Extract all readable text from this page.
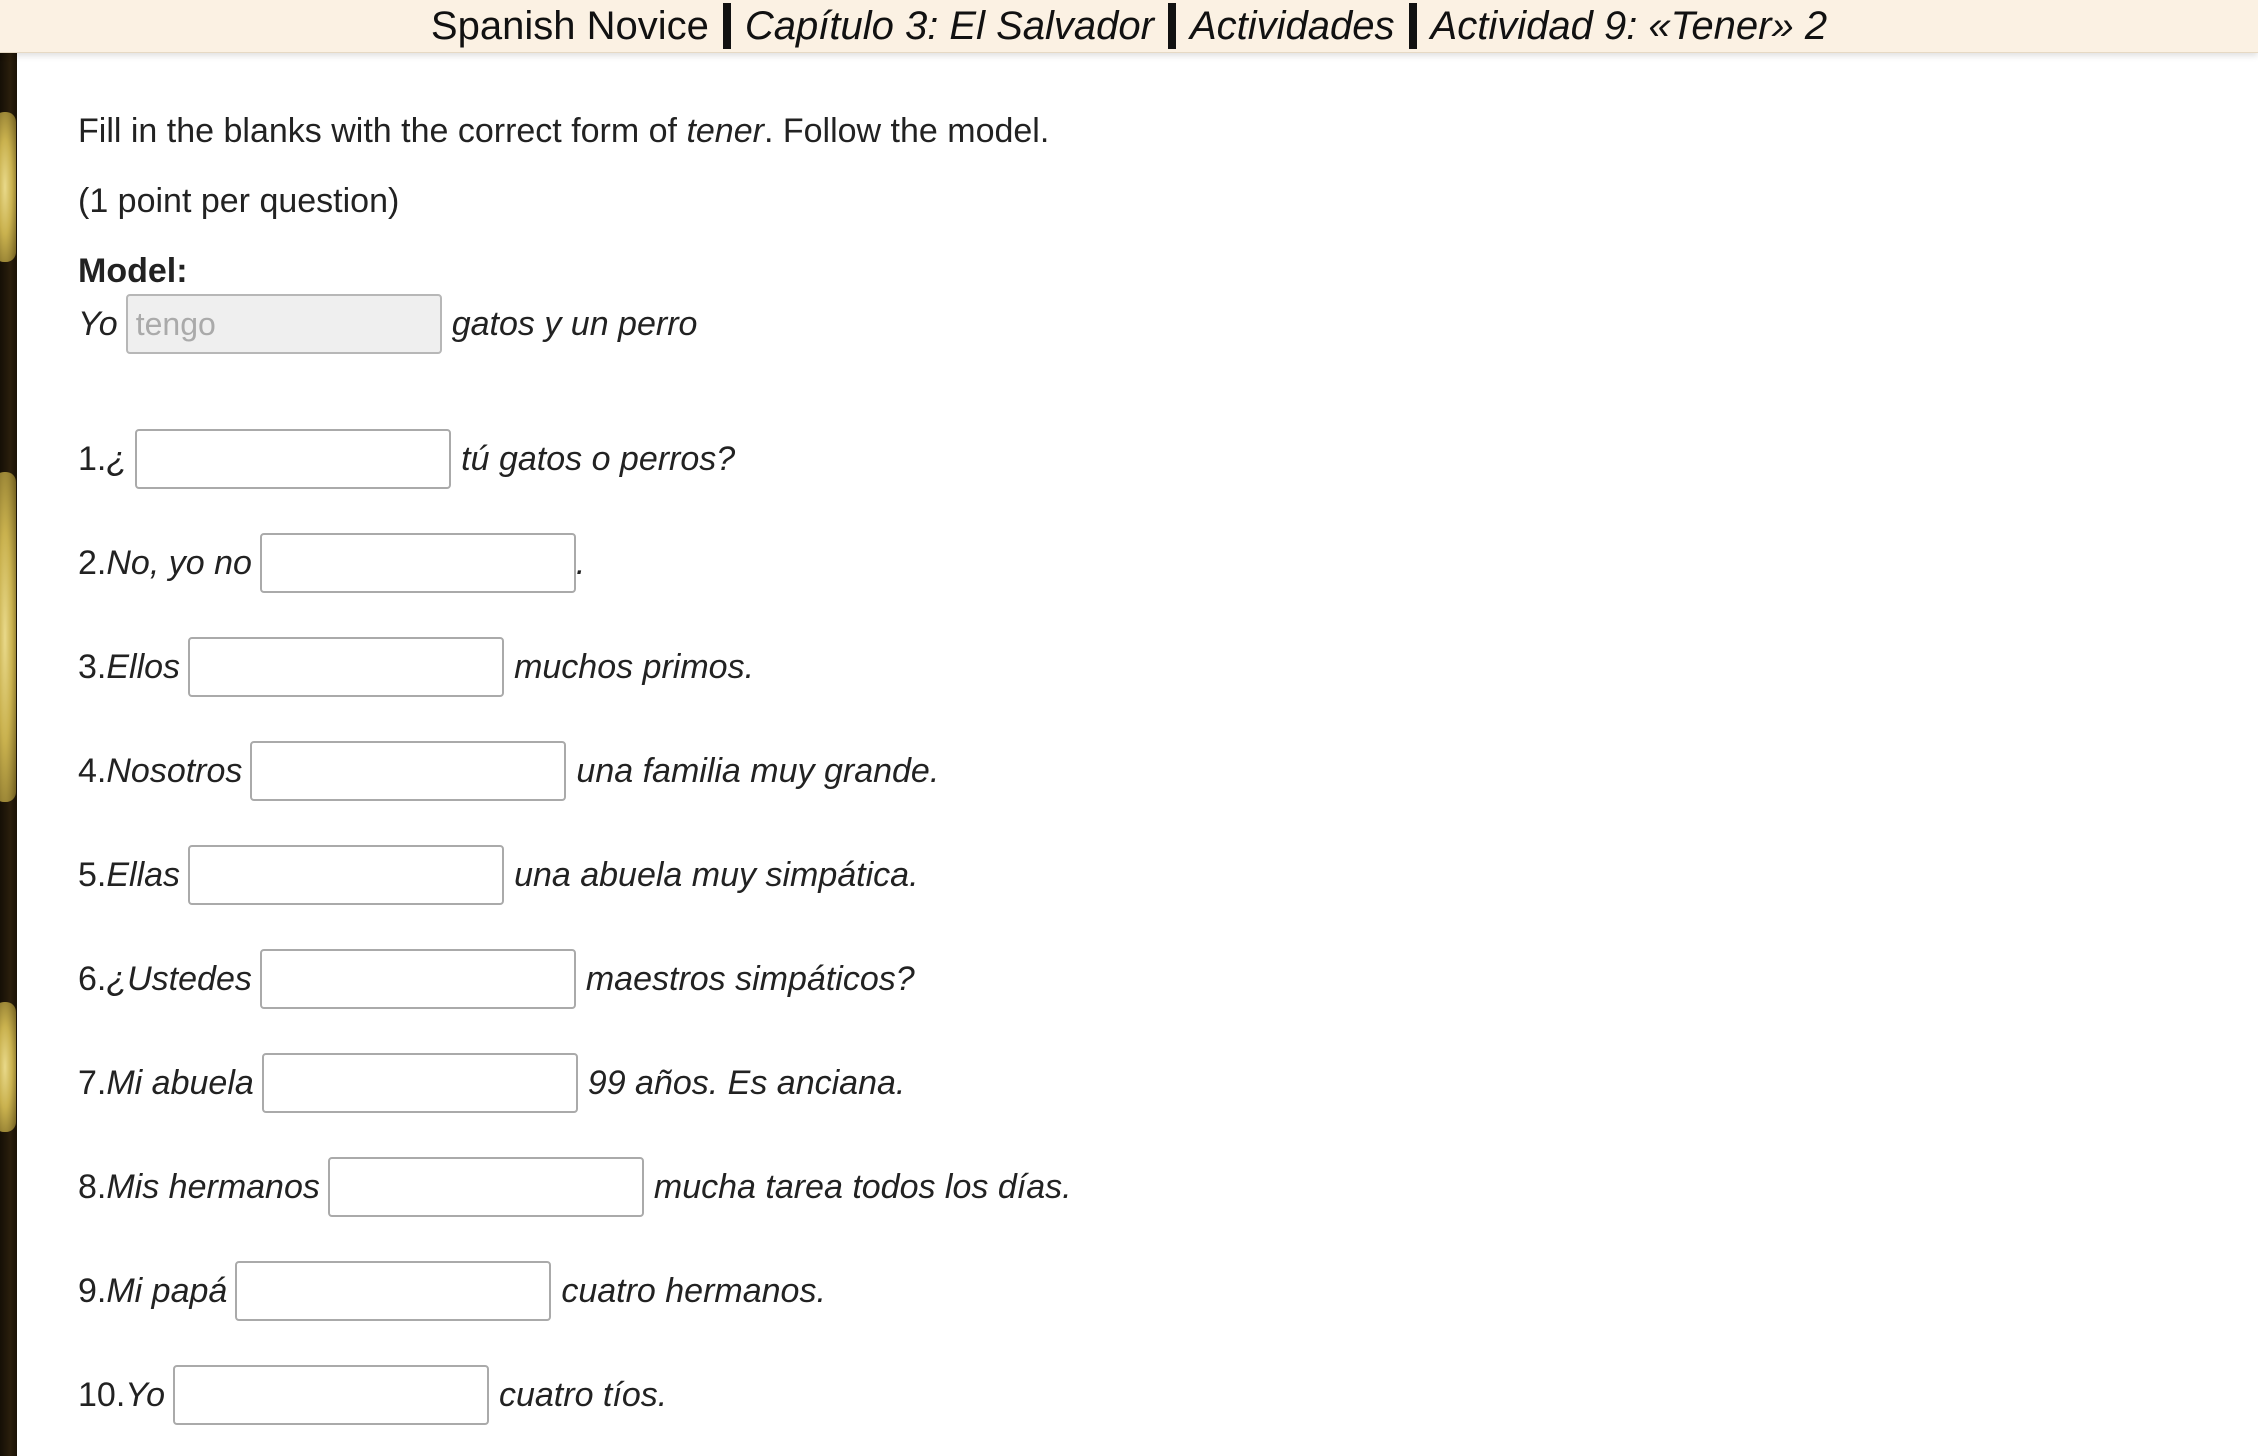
Spanish Novice Capítulo 3: El Salvador Actividades Actividad 9: «Tener» 2
Fill in the blanks with the correct form of tener. Follow the model.
(1 point per question)
Model:
Yo
tengo	gatos y un perro
1. ¿	tú gatos o perros?
2. No, yo no	.
3. Ellos	muchos primos.
4. Nosotros	una familia muy grande.
5. Ellas	una abuela muy simpática.
6. ¿Ustedes	maestros simpáticos?
7. Mi abuela	99 años. Es anciana.
8. Mis hermanos	mucha tarea todos los días.
9. Mi papá	cuatro hermanos.
10. Yo	cuatro tíos.
